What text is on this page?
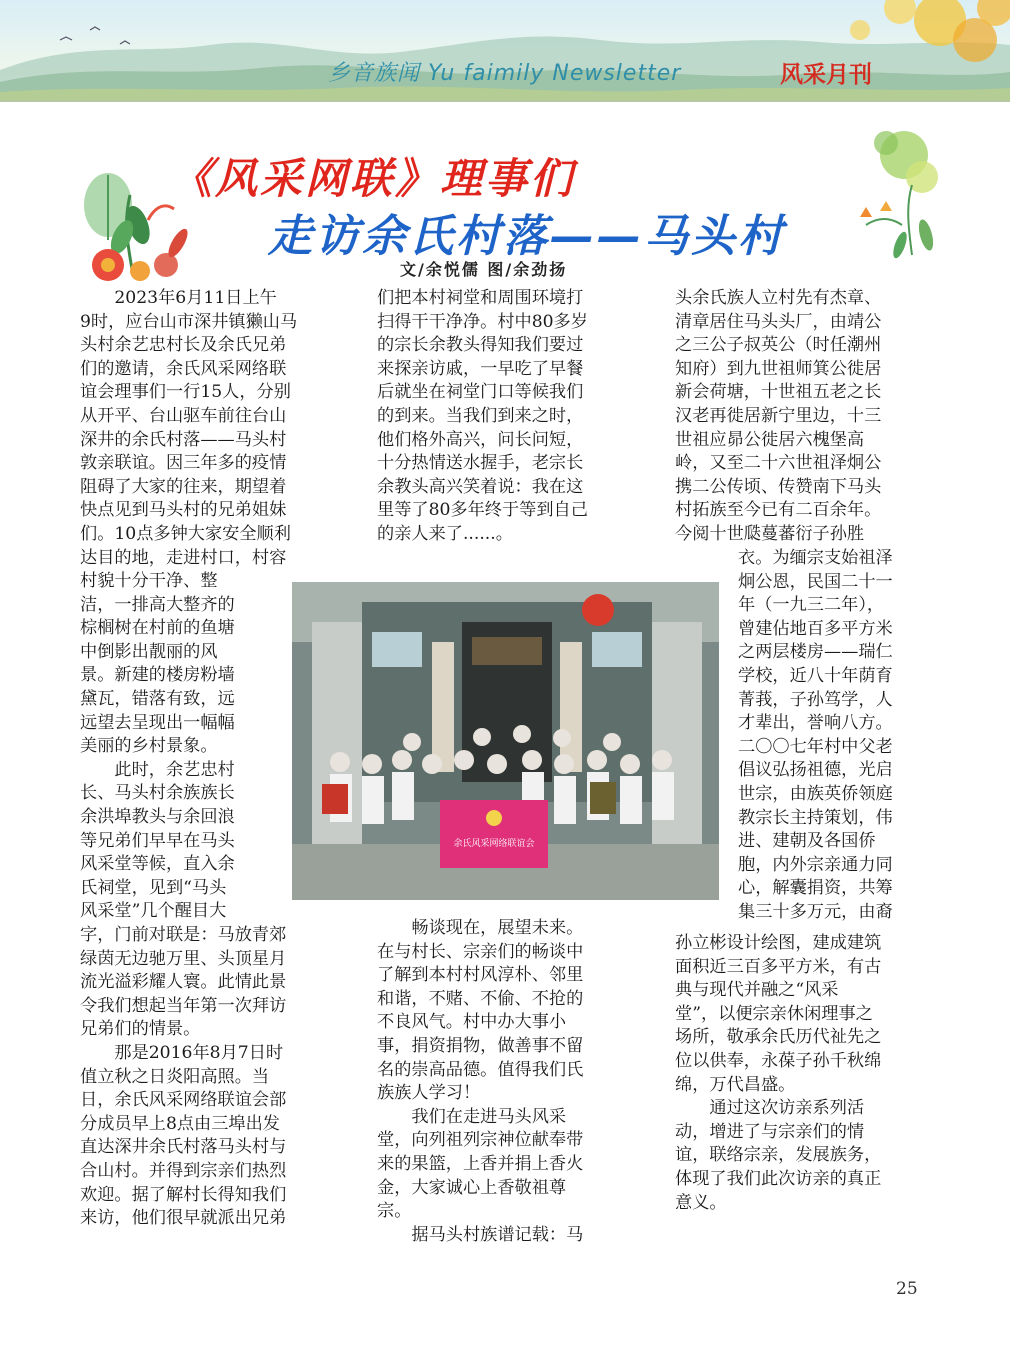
乡音族闻 Yu faimily Newsletter	风采月刊
《风采网联》理事们
走访余氏村落——马头村
文/余悦儒 图/余劲扬
　　2023年6月11日上午
9时，应台山市深井镇獭山马
头村余艺忠村长及余氏兄弟
们的邀请，余氏风采网络联
谊会理事们一行15人，分别
从开平、台山驱车前往台山
深井的余氏村落——马头村
敦亲联谊。因三年多的疫情
阻碍了大家的往来，期望着
快点见到马头村的兄弟姐妹
们。10点多钟大家安全顺利
达目的地，走进村口，村容
村貌十分干净、整
洁，一排高大整齐的
棕榈树在村前的鱼塘
中倒影出靓丽的风
景。新建的楼房粉墙
黛瓦，错落有致，远
远望去呈现出一幅幅
美丽的乡村景象。
　　此时，余艺忠村
长、马头村余族族长
余洪埠教头与余回浪
等兄弟们早早在马头
风采堂等候，直入余
氏祠堂，见到“马头
风采堂”几个醒目大
字，门前对联是：马放青郊
绿茵无边驰万里、头顶星月
流光溢彩耀人寰。此情此景
令我们想起当年第一次拜访
兄弟们的情景。
　　那是2016年8月7日时
值立秋之日炎阳高照。当
日，余氏风采网络联谊会部
分成员早上8点由三埠出发
直达深井余氏村落马头村与
合山村。并得到宗亲们热烈
欢迎。据了解村长得知我们
来访，他们很早就派出兄弟
们把本村祠堂和周围环境打
扫得干干净净。村中80多岁
的宗长余教头得知我们要过
来探亲访戚，一早吃了早餐
后就坐在祠堂门口等候我们
的到来。当我们到来之时，
他们格外高兴，问长问短，
十分热情送水握手，老宗长
余教头高兴笑着说：我在这
里等了80多年终于等到自己
的亲人来了......。
　　畅谈现在，展望未来。
在与村长、宗亲们的畅谈中
了解到本村村风淳朴、邻里
和谐，不赌、不偷、不抢的
不良风气。村中办大事小
事，捐资捐物，做善事不留
名的崇高品德。值得我们氏
族族人学习！
　　我们在走进马头风采
堂，向列祖列宗神位献奉带
来的果篮，上香并捐上香火
金，大家诚心上香敬祖尊
宗。
　　据马头村族谱记载：马
头余氏族人立村先有杰章、
清章居住马头头厂，由靖公
之三公子叔英公（时任潮州
知府）到九世祖师箕公徙居
新会荷塘，十世祖五老之长
汉老再徙居新宁里边，十三
世祖应昴公徙居六槐堡高
岭，又至二十六世祖泽炯公
携二公传顷、传赞南下马头
村拓族至今已有二百余年。
今阅十世瓞蔓蕃衍子孙胜
衣。为缅宗支始祖泽
炯公恩，民国二十一
年（一九三二年），
曾建佔地百多平方米
之两层楼房——瑞仁
学校，近八十年荫育
菁莪，子孙笃学，人
才辈出，誉响八方。
二〇〇七年村中父老
倡议弘扬祖德，光启
世宗，由族英侨领庭
教宗长主持策划，伟
进、建朝及各国侨
胞，内外宗亲通力同
心，解囊捐资，共筹
集三十多万元，由裔
孙立彬设计绘图，建成建筑
面积近三百多平方米，有古
典与现代并融之“风采
堂”，以便宗亲休闲理事之
场所，敬承余氏历代祉先之
位以供奉，永葆子孙千秋绵
绵，万代昌盛。
　　通过这次访亲系列活
动，增进了与宗亲们的情
谊，联络宗亲，发展族务，
体现了我们此次访亲的真正
意义。
余氏风采网络联谊会
25
